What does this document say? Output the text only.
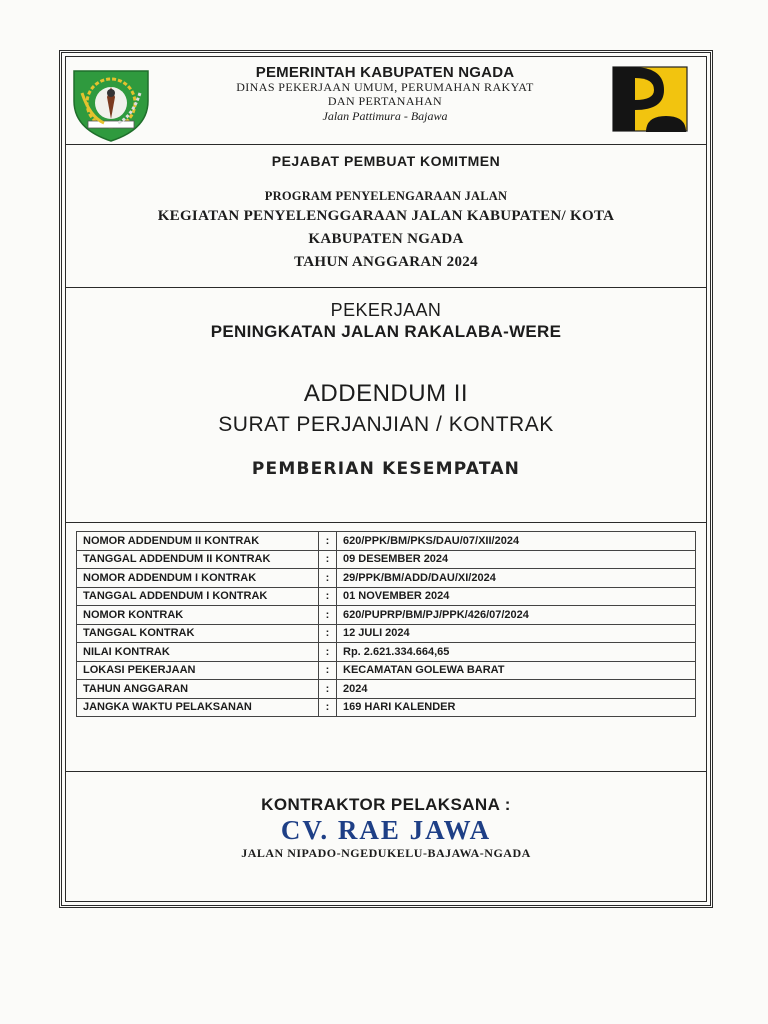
PEMERINTAH KABUPATEN NGADA
DINAS PEKERJAAN UMUM, PERUMAHAN RAKYAT
DAN PERTANAHAN
Jalan Pattimura - Bajawa
PEJABAT PEMBUAT KOMITMEN
PROGRAM PENYELENGARAAN JALAN
KEGIATAN PENYELENGGARAAN JALAN KABUPATEN/ KOTA
KABUPATEN NGADA
TAHUN ANGGARAN 2024
PEKERJAAN
PENINGKATAN JALAN RAKALABA-WERE
ADDENDUM II
SURAT PERJANJIAN / KONTRAK
PEMBERIAN KESEMPATAN
NOMOR ADDENDUM II KONTRAK	:	620/PPK/BM/PKS/DAU/07/XII/2024
TANGGAL ADDENDUM II KONTRAK	:	09 DESEMBER 2024
NOMOR ADDENDUM I KONTRAK	:	29/PPK/BM/ADD/DAU/XI/2024
TANGGAL ADDENDUM I KONTRAK	:	01 NOVEMBER 2024
NOMOR KONTRAK	:	620/PUPRP/BM/PJ/PPK/426/07/2024
TANGGAL KONTRAK	:	12 JULI 2024
NILAI KONTRAK	:	Rp. 2.621.334.664,65
LOKASI PEKERJAAN	:	KECAMATAN GOLEWA BARAT
TAHUN ANGGARAN	:	2024
JANGKA WAKTU PELAKSANAN	:	169 HARI KALENDER
KONTRAKTOR PELAKSANA :
CV. RAE JAWA
JALAN NIPADO-NGEDUKELU-BAJAWA-NGADA
